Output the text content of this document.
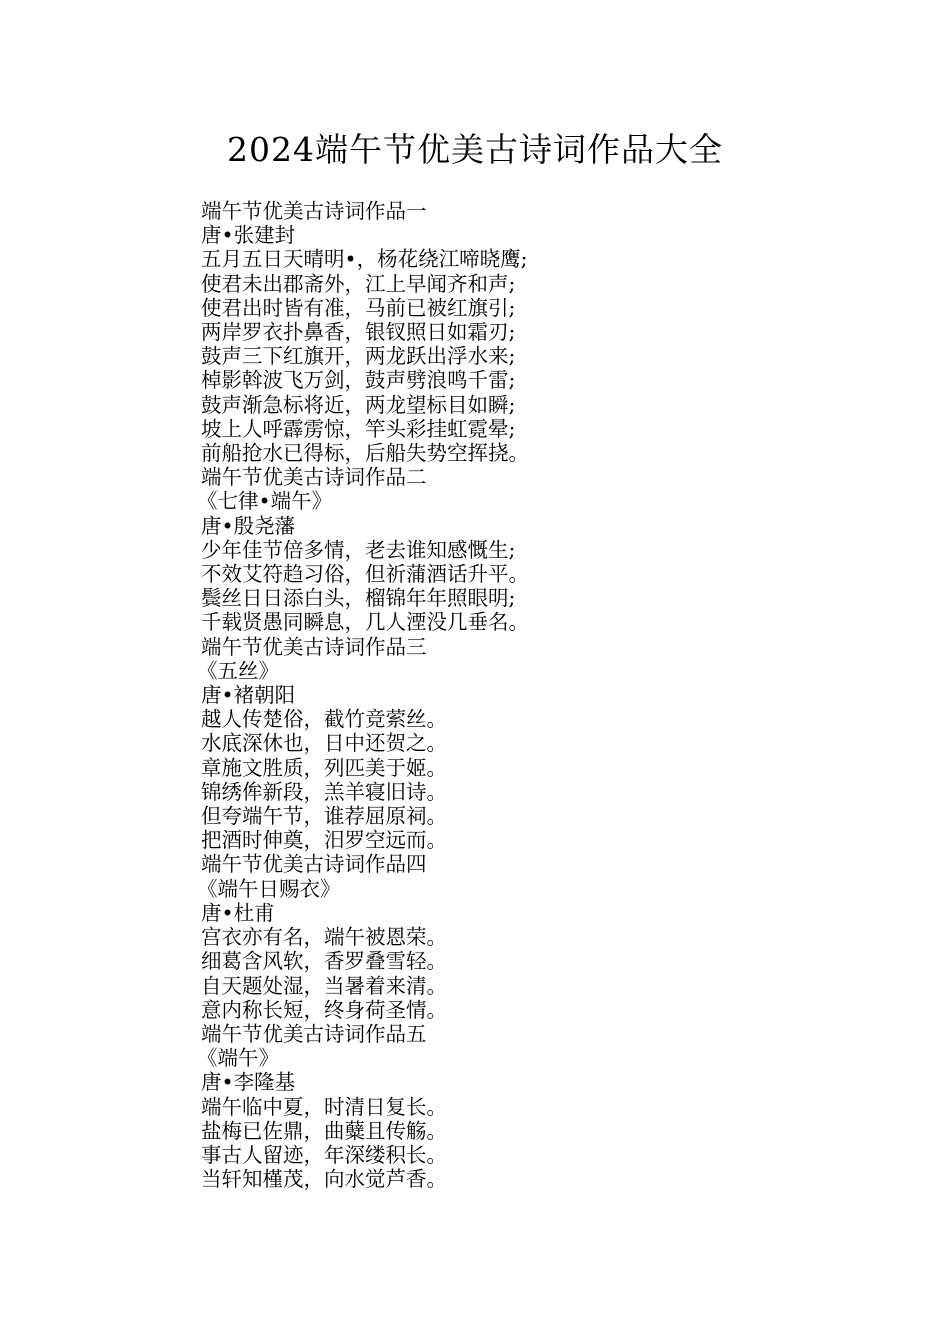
2024端午节优美古诗词作品大全
端午节优美古诗词作品一
唐•张建封
五月五日天晴明•，杨花绕江啼晓鹰;
使君未出郡斋外，江上早闻齐和声;
使君出时皆有准，马前已被红旗引;
两岸罗衣扑鼻香，银钗照日如霜刃;
鼓声三下红旗开，两龙跃出浮水来;
棹影斡波飞万剑，鼓声劈浪鸣千雷;
鼓声渐急标将近，两龙望标目如瞬;
坡上人呼霹雳惊，竿头彩挂虹霓晕;
前船抢水已得标，后船失势空挥挠。
端午节优美古诗词作品二
《七律•端午》
唐•殷尧藩
少年佳节倍多情，老去谁知感慨生;
不效艾符趋习俗，但祈蒲酒话升平。
鬓丝日日添白头，榴锦年年照眼明;
千载贤愚同瞬息，几人湮没几垂名。
端午节优美古诗词作品三
《五丝》
唐•褚朝阳
越人传楚俗，截竹竞萦丝。
水底深休也，日中还贺之。
章施文胜质，列匹美于姬。
锦绣侔新段，羔羊寝旧诗。
但夸端午节，谁荐屈原祠。
把酒时伸奠，汨罗空远而。
端午节优美古诗词作品四
《端午日赐衣》
唐•杜甫
宫衣亦有名，端午被恩荣。
细葛含风软，香罗叠雪轻。
自天题处湿，当暑着来清。
意内称长短，终身荷圣情。
端午节优美古诗词作品五
《端午》
唐•李隆基
端午临中夏，时清日复长。
盐梅已佐鼎，曲糵且传觞。
事古人留迹，年深缕积长。
当轩知槿茂，向水觉芦香。
